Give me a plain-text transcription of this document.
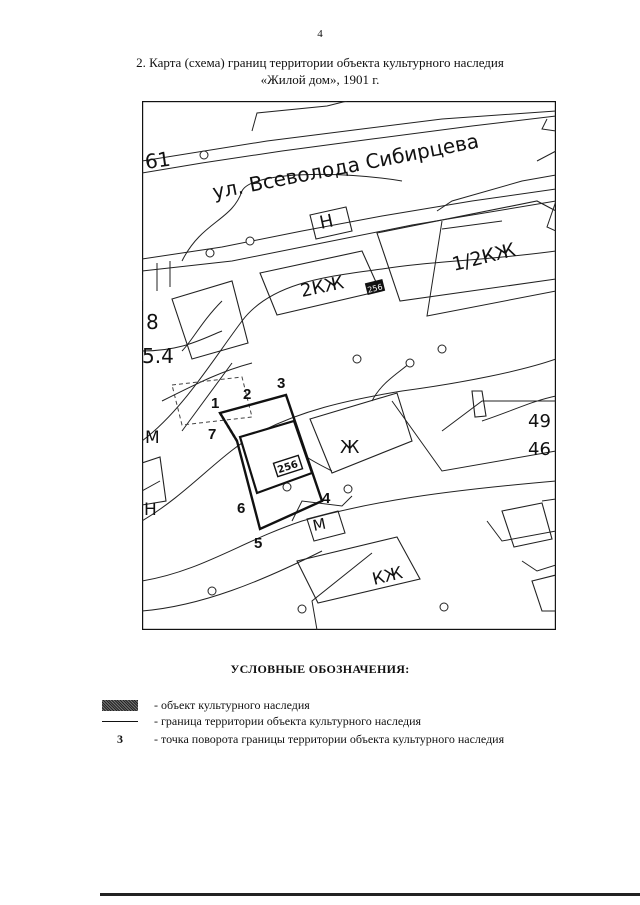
4
2. Карта (схема) границ территории объекта культурного наследия
«Жилой дом», 1901 г.
ул. Всеволода Сибирцева
61
8
5.4
49
46
Н
2КЖ
1/2КЖ
Ж
КЖ
М
М
Н
256
256
1
2
3
4
5
6
7
УСЛОВНЫЕ ОБОЗНАЧЕНИЯ:
- объект культурного наследия
- граница территории объекта культурного наследия
3	- точка поворота границы территории объекта культурного наследия
